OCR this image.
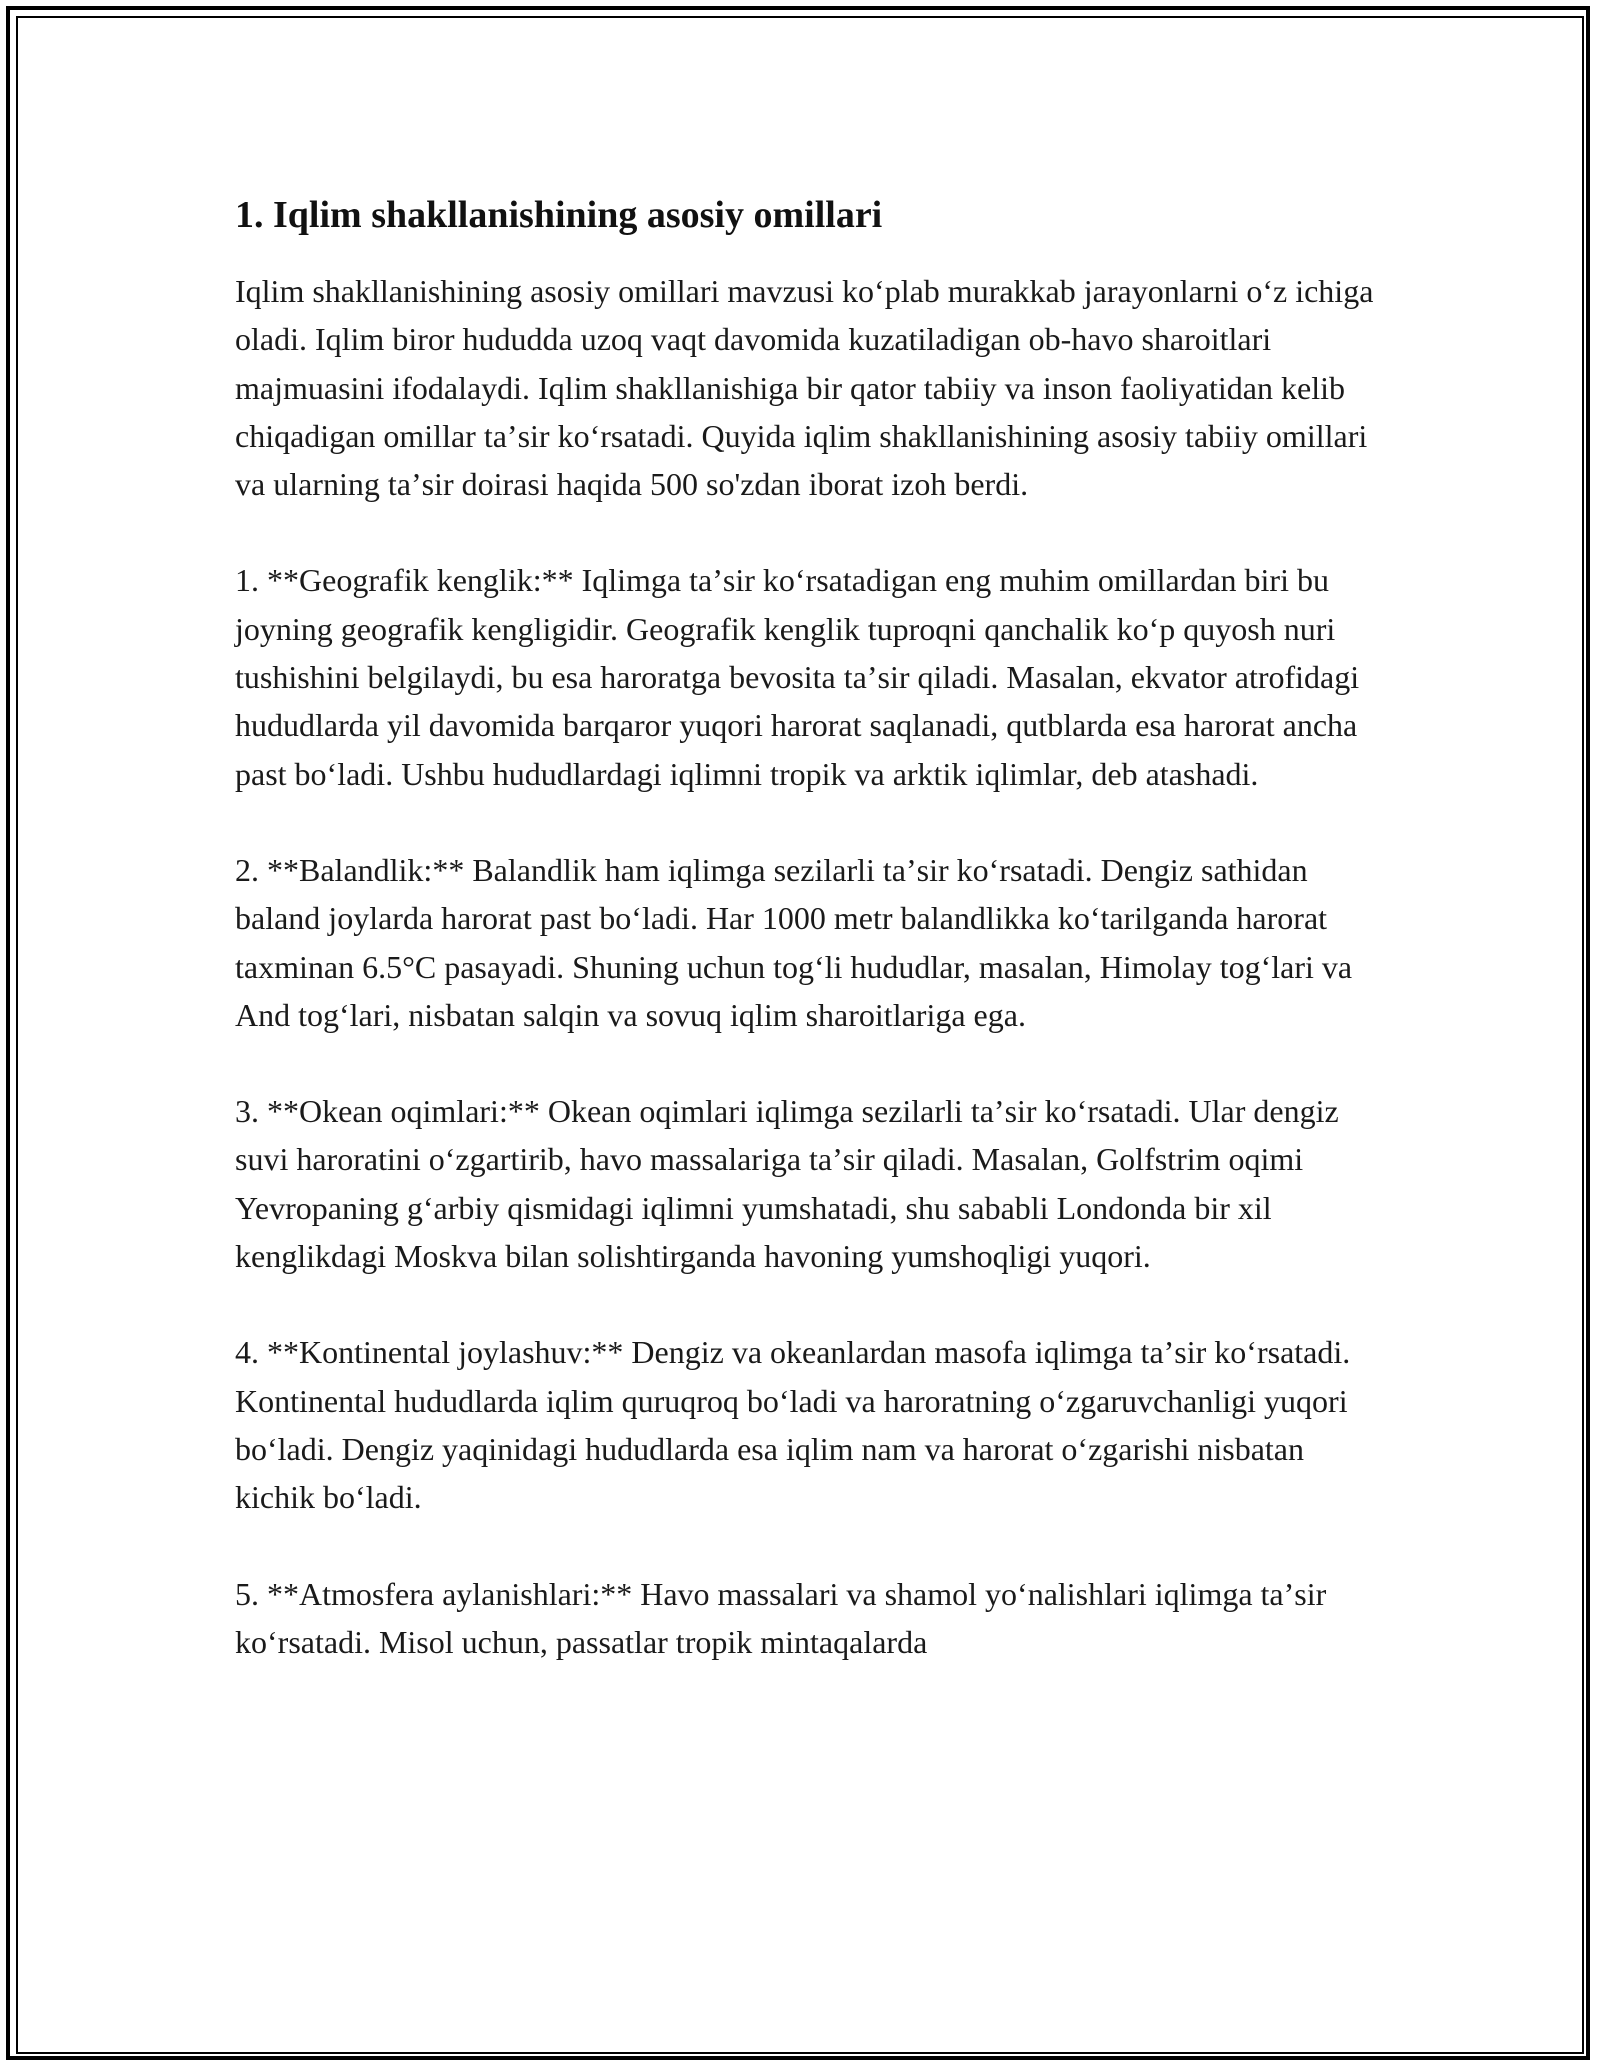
1. Iqlim shakllanishining asosiy omillari

Iqlim shakllanishining asosiy omillari mavzusi koʻplab murakkab jarayonlarni oʻz ichiga oladi. Iqlim biror hududda uzoq vaqt davomida kuzatiladigan ob-havo sharoitlari majmuasini ifodalaydi. Iqlim shakllanishiga bir qator tabiiy va inson faoliyatidan kelib chiqadigan omillar taʼsir koʻrsatadi. Quyida iqlim shakllanishining asosiy tabiiy omillari va ularning taʼsir doirasi haqida 500 so'zdan iborat izoh berdi.

1. **Geografik kenglik:** Iqlimga taʼsir koʻrsatadigan eng muhim omillardan biri bu joyning geografik kengligidir. Geografik kenglik tuproqni qanchalik koʻp quyosh nuri tushishini belgilaydi, bu esa haroratga bevosita taʼsir qiladi. Masalan, ekvator atrofidagi hududlarda yil davomida barqaror yuqori harorat saqlanadi, qutblarda esa harorat ancha past boʻladi. Ushbu hududlardagi iqlimni tropik va arktik iqlimlar, deb atashadi.

2. **Balandlik:** Balandlik ham iqlimga sezilarli taʼsir koʻrsatadi. Dengiz sathidan baland joylarda harorat past boʻladi. Har 1000 metr balandlikka koʻtarilganda harorat taxminan 6.5°C pasayadi. Shuning uchun togʻli hududlar, masalan, Himolay togʻlari va And togʻlari, nisbatan salqin va sovuq iqlim sharoitlariga ega.

3. **Okean oqimlari:** Okean oqimlari iqlimga sezilarli taʼsir koʻrsatadi. Ular dengiz suvi haroratini oʻzgartirib, havo massalariga taʼsir qiladi. Masalan, Golfstrim oqimi Yevropaning gʻarbiy qismidagi iqlimni yumshatadi, shu sababli Londonda bir xil kenglikdagi Moskva bilan solishtirganda havoning yumshoqligi yuqori.

4. **Kontinental joylashuv:** Dengiz va okeanlardan masofa iqlimga taʼsir koʻrsatadi. Kontinental hududlarda iqlim quruqroq boʻladi va haroratning oʻzgaruvchanligi yuqori boʻladi. Dengiz yaqinidagi hududlarda esa iqlim nam va harorat oʻzgarishi nisbatan kichik boʻladi.

5. **Atmosfera aylanishlari:** Havo massalari va shamol yoʻnalishlari iqlimga taʼsir koʻrsatadi. Misol uchun, passatlar tropik mintaqalarda
